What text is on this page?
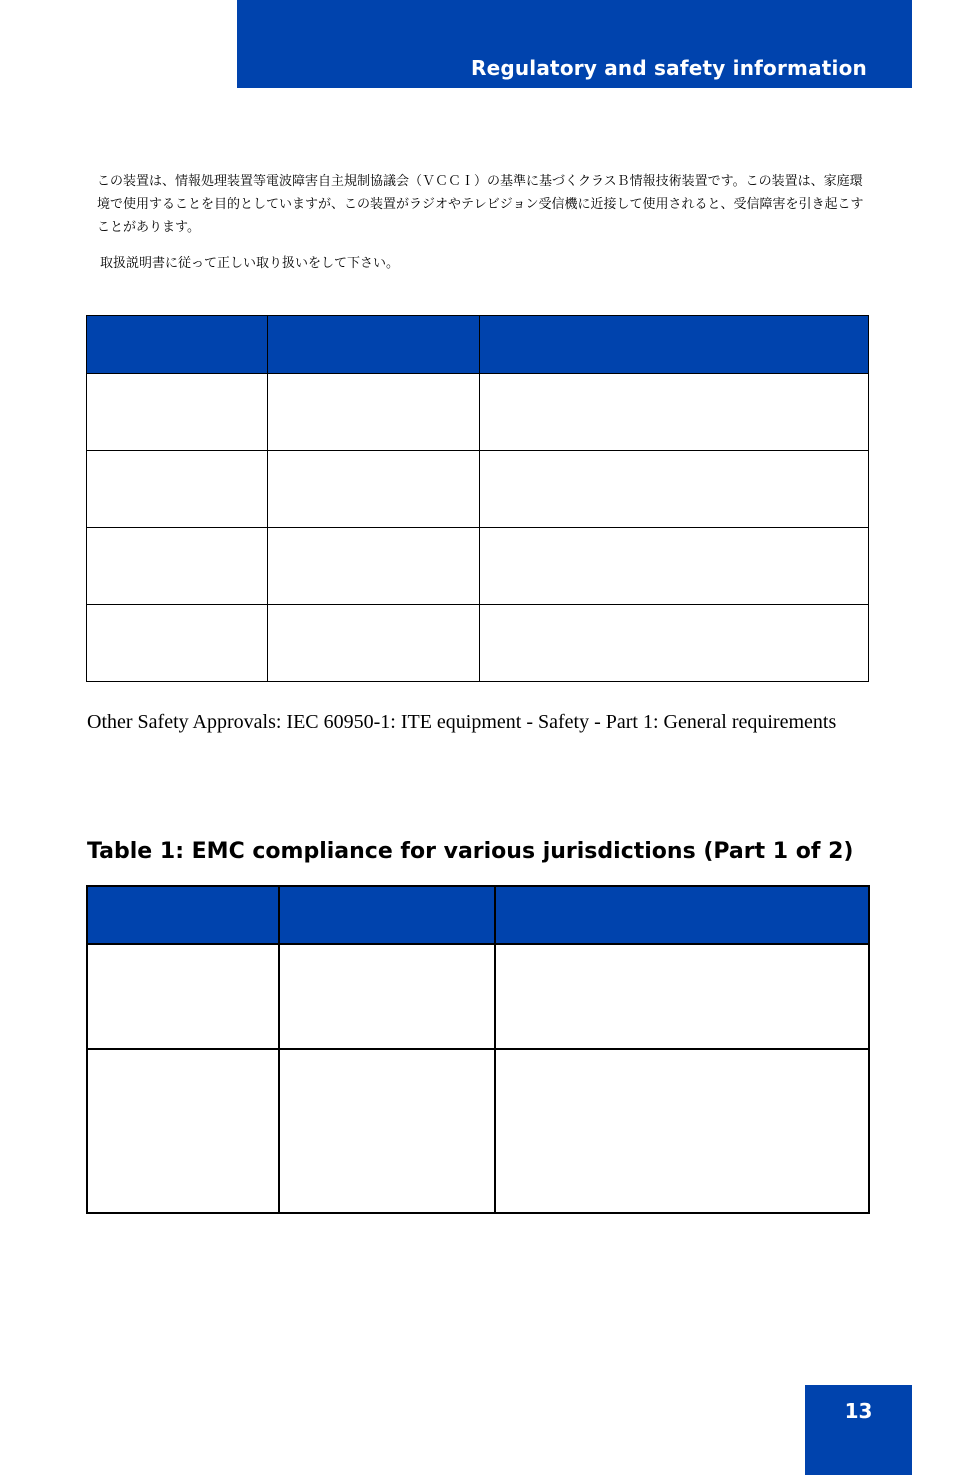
Regulatory and safety information
この装置は、情報処理装置等電波障害自主規制協議会（ＶＣＣＩ）の基準に基づくクラスＢ情報技術装置です。この装置は、家庭環境で使用することを目的としていますが、この装置がラジオやテレビジョン受信機に近接して使用されると、受信障害を引き起こすことがあります。
取扱説明書に従って正しい取り扱いをして下さい。

Other Safety Approvals: IEC 60950-1: ITE equipment - Safety - Part 1: General requirements
Table 1: EMC compliance for various jurisdictions (Part 1 of 2)

13
